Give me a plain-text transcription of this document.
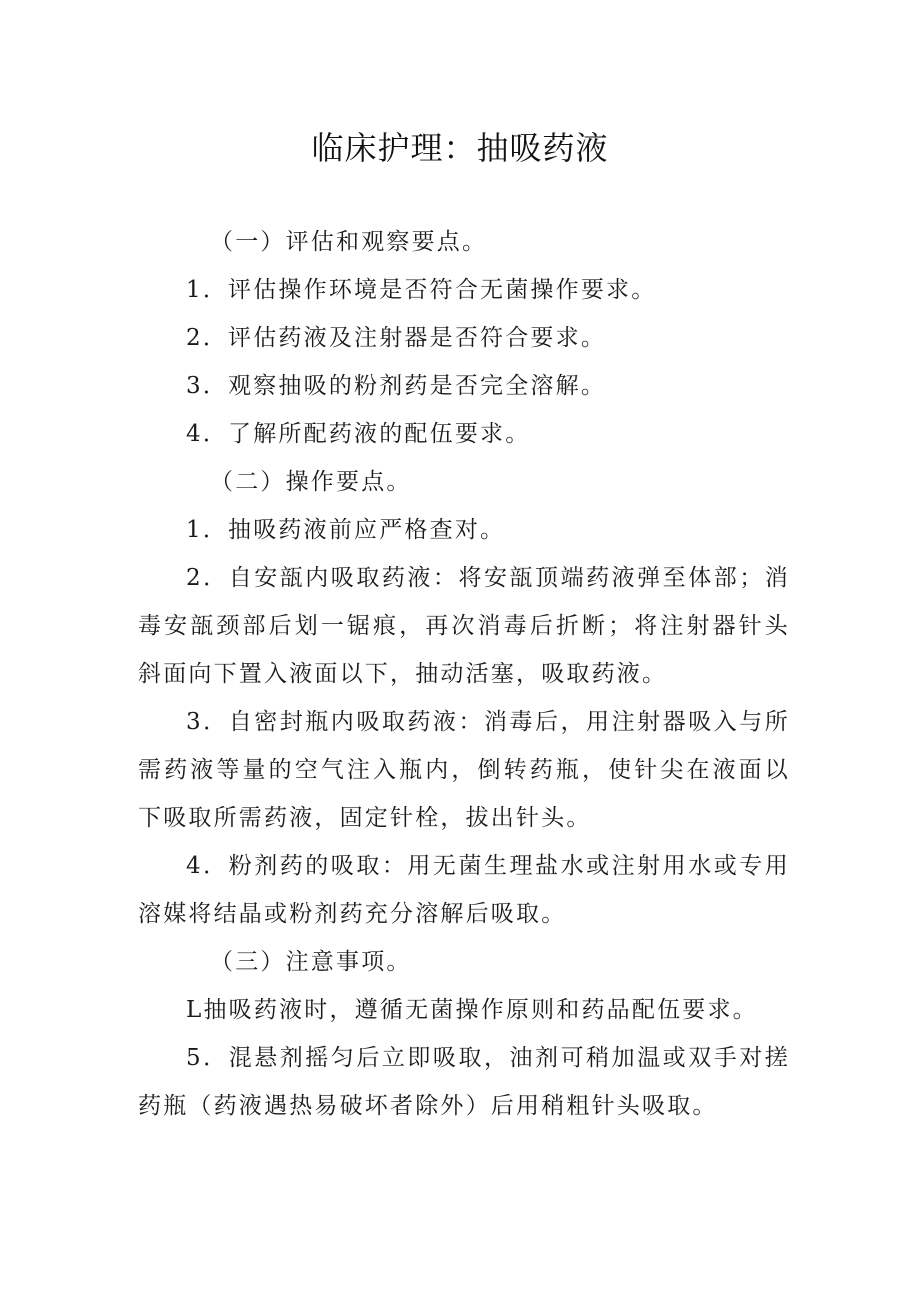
临床护理：抽吸药液

（一）评估和观察要点。

1．评估操作环境是否符合无菌操作要求。

2．评估药液及注射器是否符合要求。

3．观察抽吸的粉剂药是否完全溶解。

4．了解所配药液的配伍要求。

（二）操作要点。

1．抽吸药液前应严格查对。

2．自安瓿内吸取药液：将安瓿顶端药液弹至体部；消毒安瓿颈部后划一锯痕，再次消毒后折断；将注射器针头斜面向下置入液面以下，抽动活塞，吸取药液。

3．自密封瓶内吸取药液：消毒后，用注射器吸入与所需药液等量的空气注入瓶内，倒转药瓶，使针尖在液面以下吸取所需药液，固定针栓，拔出针头。

4．粉剂药的吸取：用无菌生理盐水或注射用水或专用溶媒将结晶或粉剂药充分溶解后吸取。

（三）注意事项。

L抽吸药液时，遵循无菌操作原则和药品配伍要求。

5．混悬剂摇匀后立即吸取，油剂可稍加温或双手对搓药瓶（药液遇热易破坏者除外）后用稍粗针头吸取。
